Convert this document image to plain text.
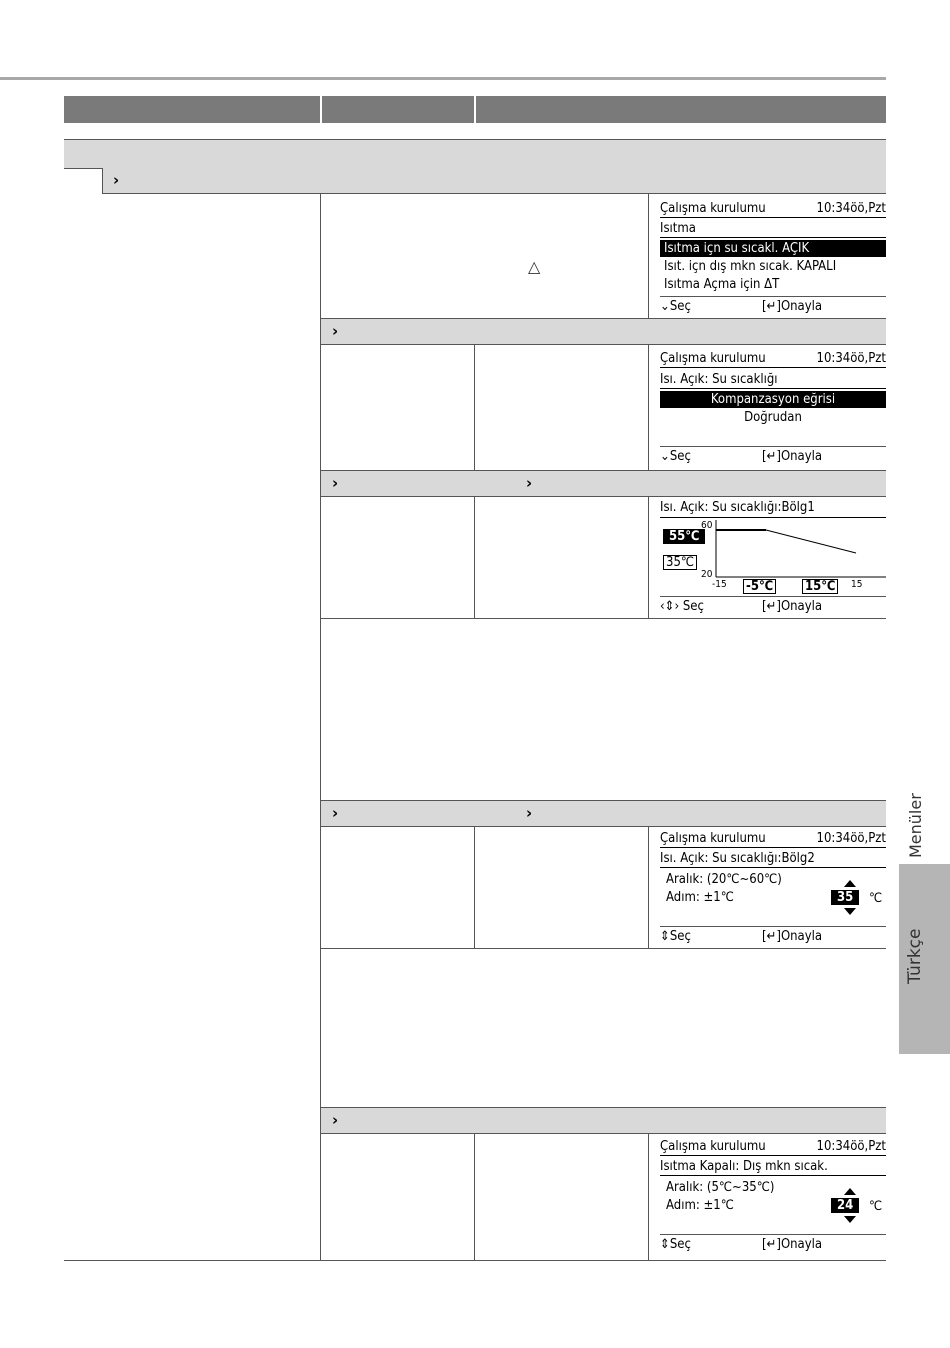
›
›
›	›
›	›
›
△
Çalışma kurulumu	10:34öö,Pzt
Isıtma
Isıtma içn su sıcakl. AÇIK
Isıt. içn dış mkn sıcak. KAPALI
Isıtma Açma için ΔT
⌄Seç	[↵]Onayla
Çalışma kurulumu	10:34öö,Pzt
Isı. Açık: Su sıcaklığı
Kompanzasyon eğrisi
Doğrudan
⌄Seç	[↵]Onayla
Isı. Açık: Su sıcaklığı:Bölg1
55℃
35℃
60
20
-15 -5℃ 15℃	15
‹⇕› Seç	[↵]Onayla
Çalışma kurulumu	10:34öö,Pzt
Isı. Açık: Su sıcaklığı:Bölg2
Aralık: (20℃~60℃)
Adım: ±1℃	35	℃
⇕Seç	[↵]Onayla
Çalışma kurulumu	10:34öö,Pzt
Isıtma Kapalı: Dış mkn sıcak.
Aralık: (5℃~35℃)
Adım: ±1℃	24	℃
⇕Seç	[↵]Onayla
Menüler
Türkçe
